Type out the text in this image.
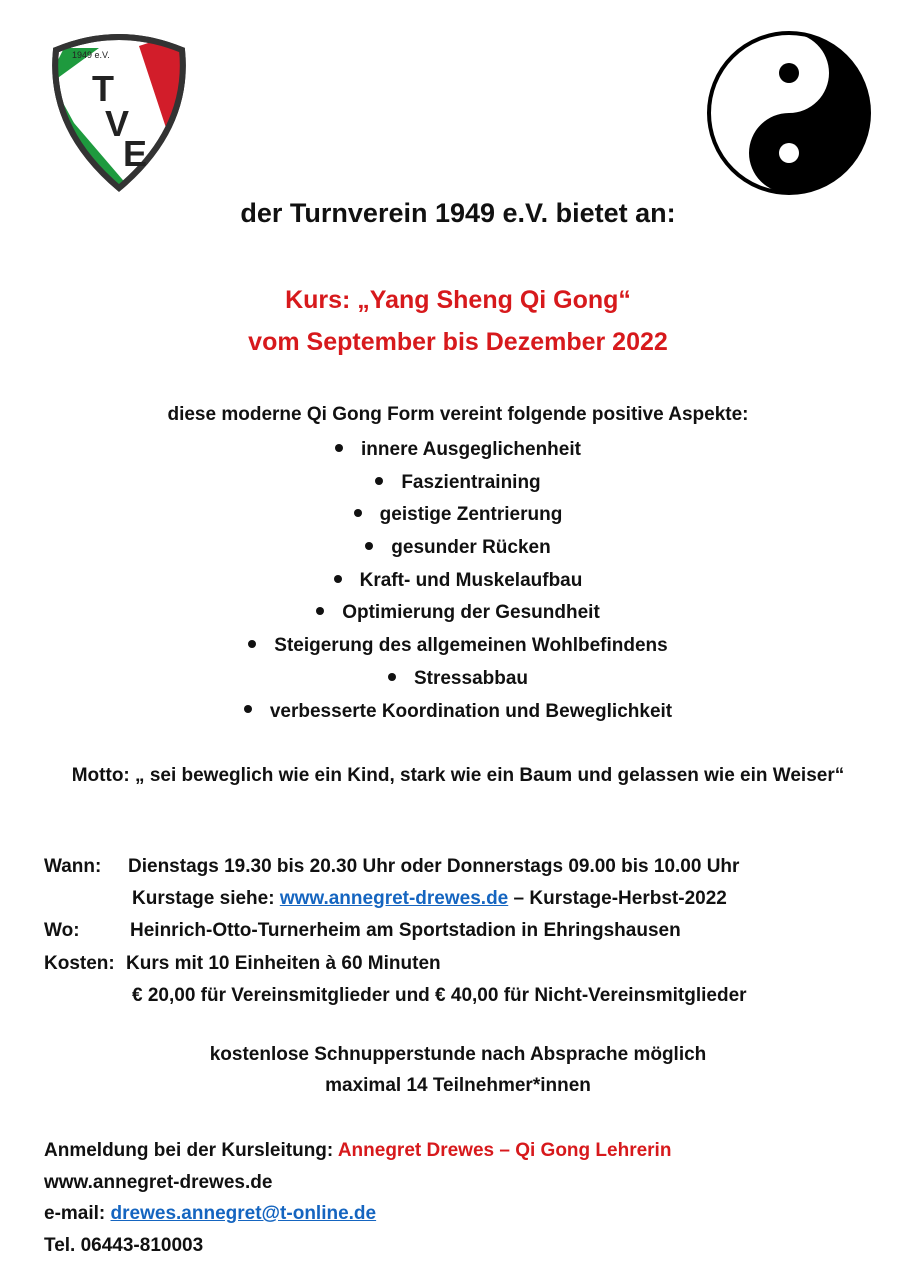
1949 e.V.
T
V
E
der Turnverein 1949 e.V. bietet an:
Kurs: „Yang Sheng Qi Gong“
vom September bis Dezember 2022
diese moderne Qi Gong Form vereint folgende positive Aspekte:
innere Ausgeglichenheit
Faszientraining
geistige Zentrierung
gesunder Rücken
Kraft- und Muskelaufbau
Optimierung der Gesundheit
Steigerung des allgemeinen Wohlbefindens
Stressabbau
verbesserte Koordination und Beweglichkeit
Motto: „ sei beweglich wie ein Kind, stark wie ein Baum und gelassen wie ein Weiser“
Wann: Dienstags 19.30 bis 20.30 Uhr oder Donnerstags 09.00 bis 10.00 Uhr
Kurstage siehe: www.annegret-drewes.de – Kurstage-Herbst-2022
Wo:	Heinrich-Otto-Turnerheim am Sportstadion in Ehringshausen
Kosten: Kurs mit 10 Einheiten à 60 Minuten
€ 20,00 für Vereinsmitglieder und € 40,00 für Nicht-Vereinsmitglieder
kostenlose Schnupperstunde nach Absprache möglich
maximal 14 Teilnehmer*innen
Anmeldung bei der Kursleitung: Annegret Drewes – Qi Gong Lehrerin
www.annegret-drewes.de
e-mail: drewes.annegret@t-online.de
Tel. 06443-810003
